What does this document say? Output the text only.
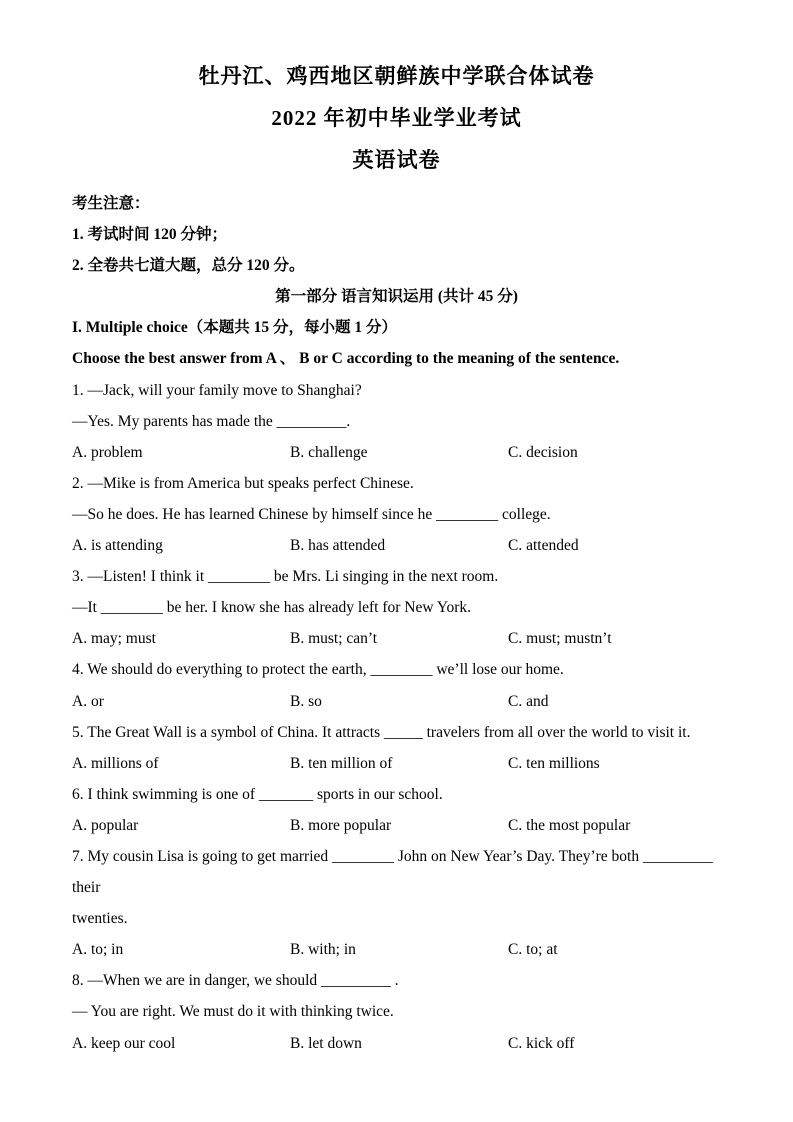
牡丹江、鸡西地区朝鲜族中学联合体试卷
2022 年初中毕业学业考试
英语试卷
考生注意：
1. 考试时间 120 分钟；
2. 全卷共七道大题，总分 120 分。
第一部分 语言知识运用 (共计 45 分)
I. Multiple choice（本题共 15 分，每小题 1 分）
Choose the best answer from A 、 B or C according to the meaning of the sentence.
1. —Jack, will your family move to Shanghai?
—Yes. My parents has made the _________.
A. problem	B. challenge	C. decision
2. —Mike is from America but speaks perfect Chinese.
—So he does. He has learned Chinese by himself since he ________ college.
A. is attending	B. has attended	C. attended
3. —Listen! I think it ________ be Mrs. Li singing in the next room.
—It ________ be her. I know she has already left for New York.
A. may; must	B. must; can’t	C. must; mustn’t
4. We should do everything to protect the earth, ________ we’ll lose our home.
A. or	B. so	C. and
5. The Great Wall is a symbol of China. It attracts _____ travelers from all over the world to visit it.
A. millions of	B. ten million of	C. ten millions
6. I think swimming is one of _______ sports in our school.
A. popular	B. more popular	C. the most popular
7. My cousin Lisa is going to get married ________ John on New Year’s Day. They’re both _________ their
twenties.
A. to; in	B. with; in	C. to; at
8. —When we are in danger, we should _________ .
— You are right. We must do it with thinking twice.
A. keep our cool	B. let down	C. kick off
